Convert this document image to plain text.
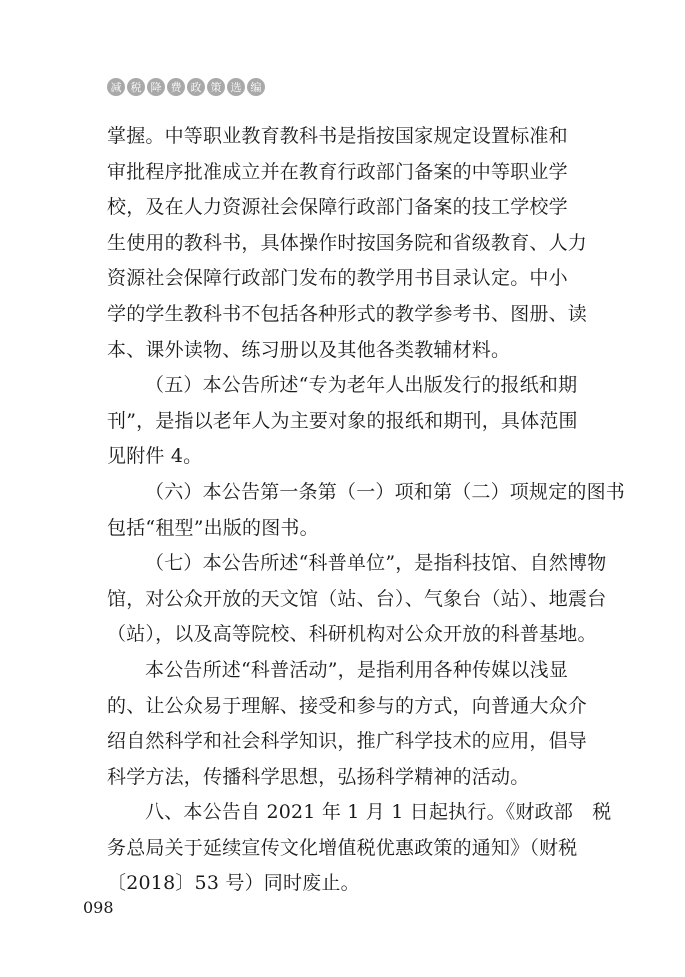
减 税 降 费 政 策 选 编
掌握。中等职业教育教科书是指按国家规定设置标准和
审批程序批准成立并在教育行政部门备案的中等职业学
校，及在人力资源社会保障行政部门备案的技工学校学
生使用的教科书，具体操作时按国务院和省级教育、人力
资源社会保障行政部门发布的教学用书目录认定。中小
学的学生教科书不包括各种形式的教学参考书、图册、读
本、课外读物、练习册以及其他各类教辅材料。
（五）本公告所述“专为老年人出版发行的报纸和期
刊”，是指以老年人为主要对象的报纸和期刊，具体范围
见附件 4。
（六）本公告第一条第（一）项和第（二）项规定的图书
包括“租型”出版的图书。
（七）本公告所述“科普单位”，是指科技馆、自然博物
馆，对公众开放的天文馆（站、台）、气象台（站）、地震台
（站），以及高等院校、科研机构对公众开放的科普基地。
本公告所述“科普活动”，是指利用各种传媒以浅显
的、让公众易于理解、接受和参与的方式，向普通大众介
绍自然科学和社会科学知识，推广科学技术的应用，倡导
科学方法，传播科学思想，弘扬科学精神的活动。
八、本公告自 2021 年 1 月 1 日起执行。《财政部　税
务总局关于延续宣传文化增值税优惠政策的通知》（财税
〔2018〕53 号）同时废止。
098
